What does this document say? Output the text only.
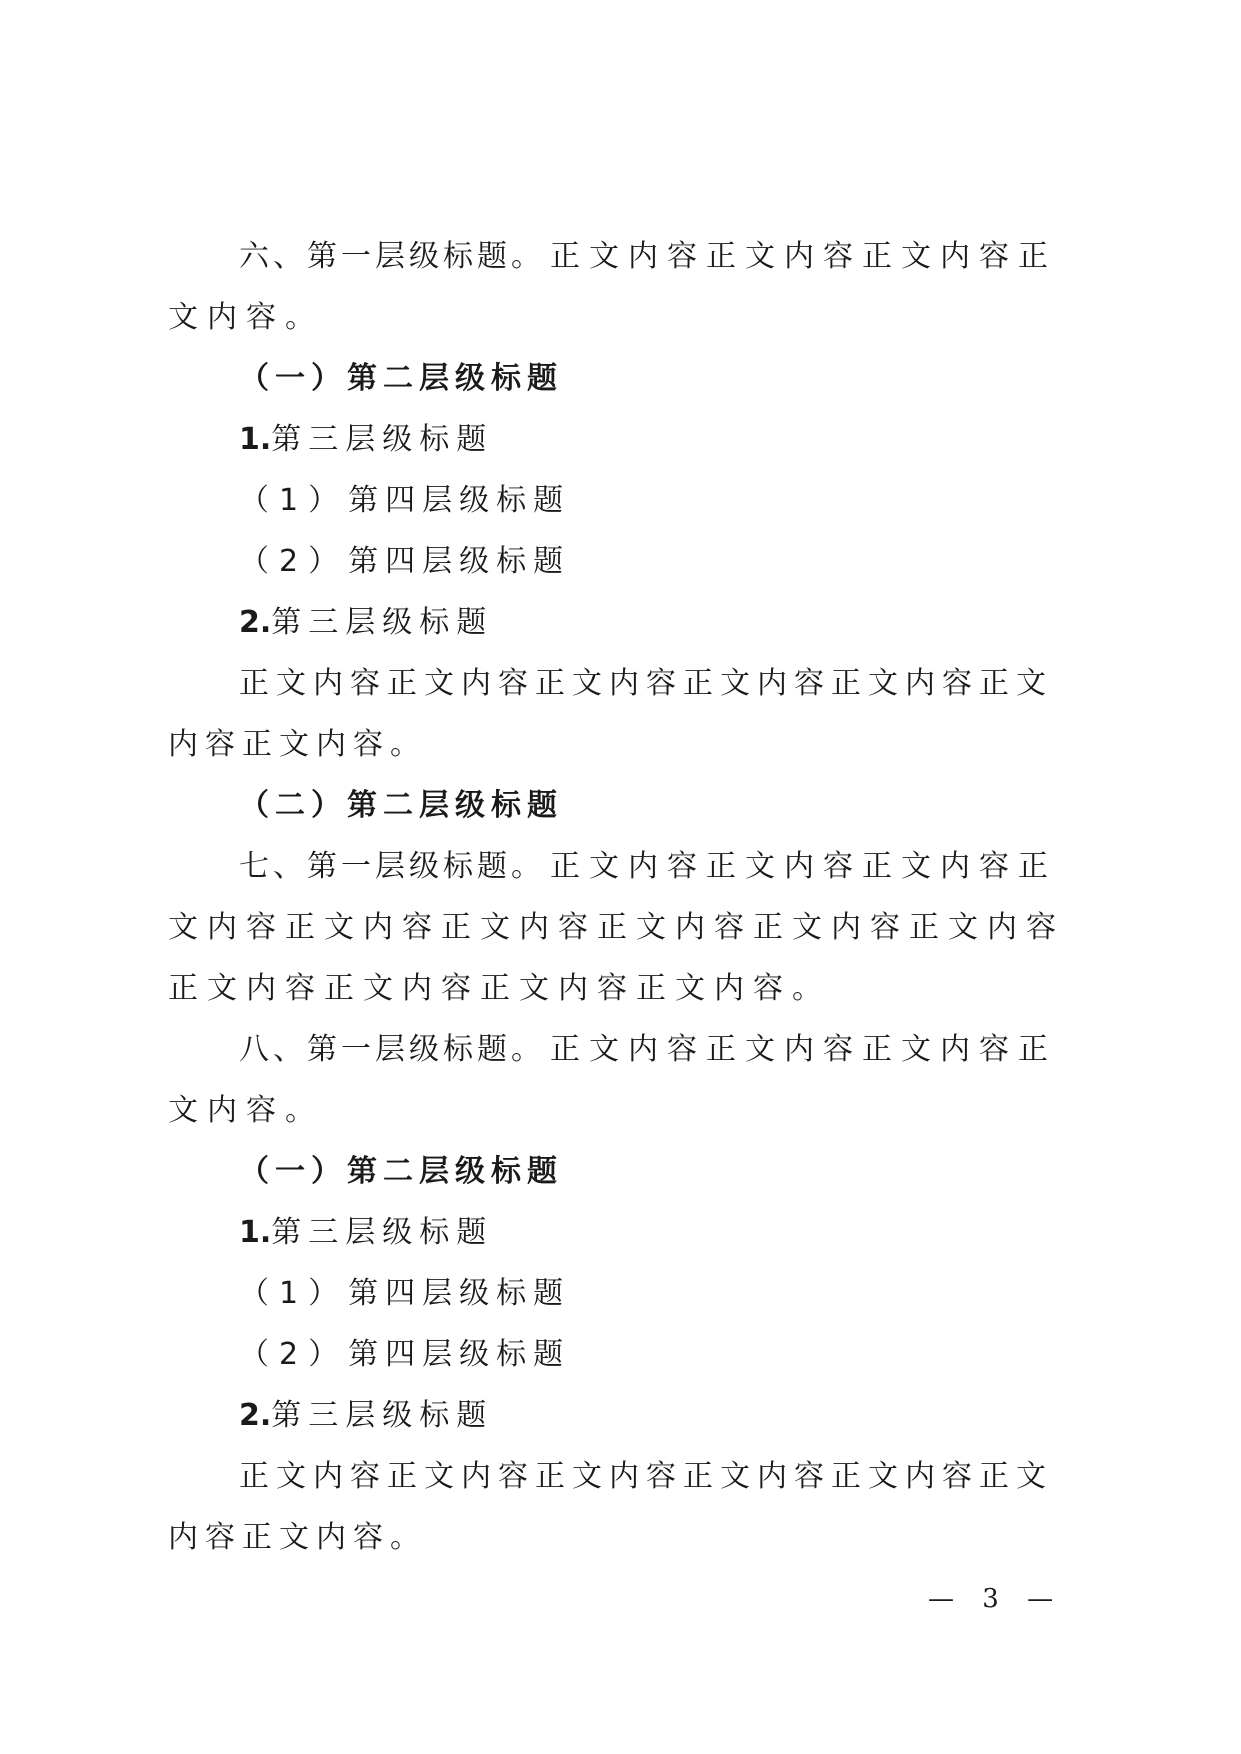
六、第一层级标题。正文内容正文内容正文内容正文内容。

（一）第二层级标题

1.第三层级标题

（1）第四层级标题

（2）第四层级标题

2.第三层级标题

正文内容正文内容正文内容正文内容正文内容正文内容正文内容。

（二）第二层级标题

七、第一层级标题。正文内容正文内容正文内容正文内容正文内容正文内容正文内容正文内容正文内容正文内容正文内容正文内容正文内容。

八、第一层级标题。正文内容正文内容正文内容正文内容。

（一）第二层级标题

1.第三层级标题

（1）第四层级标题

（2）第四层级标题

2.第三层级标题

正文内容正文内容正文内容正文内容正文内容正文内容正文内容。

— 3 —
